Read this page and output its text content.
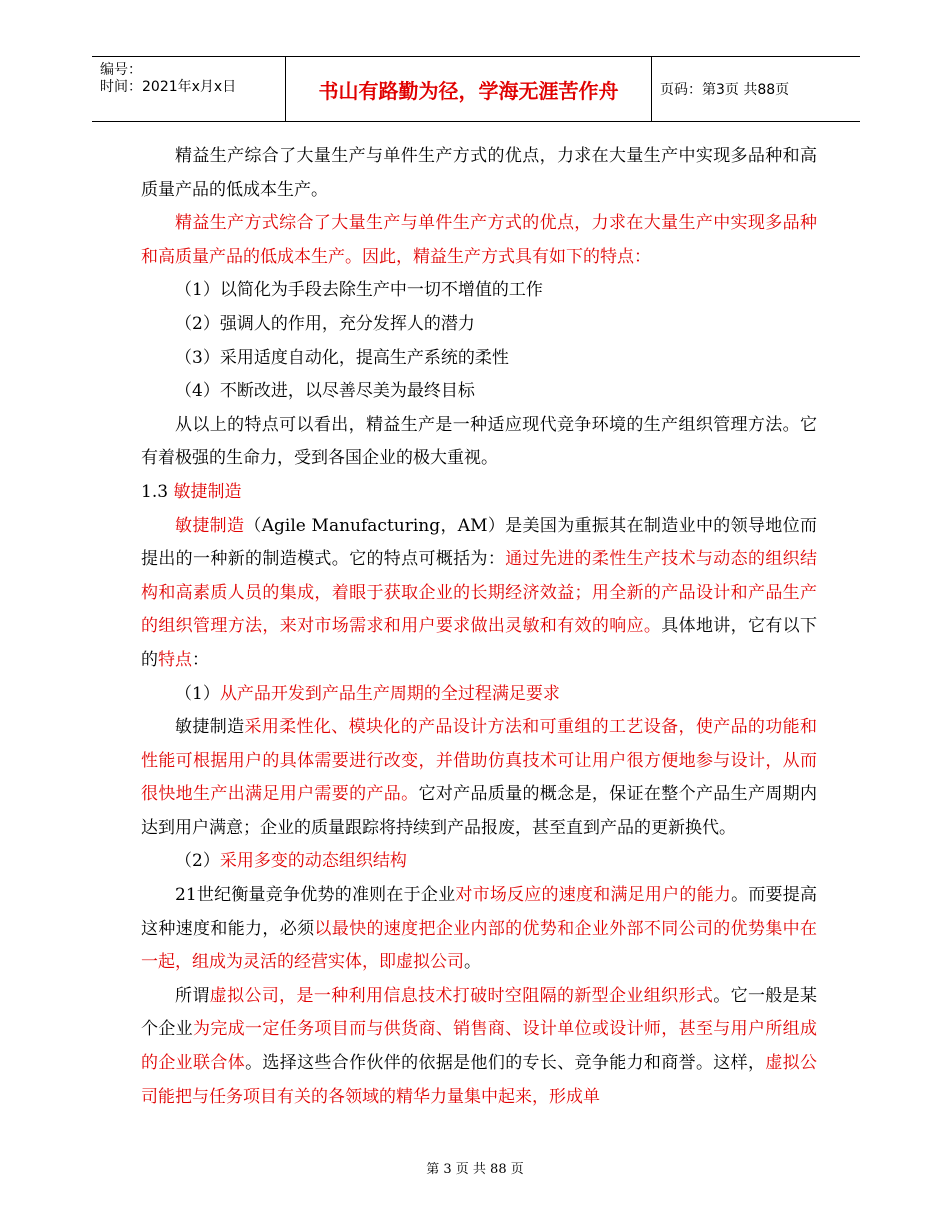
编号：
时间：2021年x月x日	书山有路勤为径，学海无涯苦作舟	页码：第3页 共88页

精益生产综合了大量生产与单件生产方式的优点，力求在大量生产中实现多品种和高质量产品的低成本生产。

精益生产方式综合了大量生产与单件生产方式的优点，力求在大量生产中实现多品种和高质量产品的低成本生产。因此，精益生产方式具有如下的特点：

（1）以简化为手段去除生产中一切不增值的工作

（2）强调人的作用，充分发挥人的潜力

（3）采用适度自动化，提高生产系统的柔性

（4）不断改进，以尽善尽美为最终目标

从以上的特点可以看出，精益生产是一种适应现代竞争环境的生产组织管理方法。它有着极强的生命力，受到各国企业的极大重视。

1.3 敏捷制造

敏捷制造（Agile Manufacturing，AM）是美国为重振其在制造业中的领导地位而提出的一种新的制造模式。它的特点可概括为：通过先进的柔性生产技术与动态的组织结构和高素质人员的集成，着眼于获取企业的长期经济效益；用全新的产品设计和产品生产的组织管理方法，来对市场需求和用户要求做出灵敏和有效的响应。具体地讲，它有以下的特点：

（1）从产品开发到产品生产周期的全过程满足要求

敏捷制造采用柔性化、模块化的产品设计方法和可重组的工艺设备，使产品的功能和性能可根据用户的具体需要进行改变，并借助仿真技术可让用户很方便地参与设计，从而很快地生产出满足用户需要的产品。它对产品质量的概念是，保证在整个产品生产周期内达到用户满意；企业的质量跟踪将持续到产品报废，甚至直到产品的更新换代。

（2）采用多变的动态组织结构

21世纪衡量竞争优势的准则在于企业对市场反应的速度和满足用户的能力。而要提高这种速度和能力，必须以最快的速度把企业内部的优势和企业外部不同公司的优势集中在一起，组成为灵活的经营实体，即虚拟公司。

所谓虚拟公司，是一种利用信息技术打破时空阻隔的新型企业组织形式。它一般是某个企业为完成一定任务项目而与供货商、销售商、设计单位或设计师，甚至与用户所组成的企业联合体。选择这些合作伙伴的依据是他们的专长、竞争能力和商誉。这样，虚拟公司能把与任务项目有关的各领域的精华力量集中起来，形成单

第 3 页 共 88 页
